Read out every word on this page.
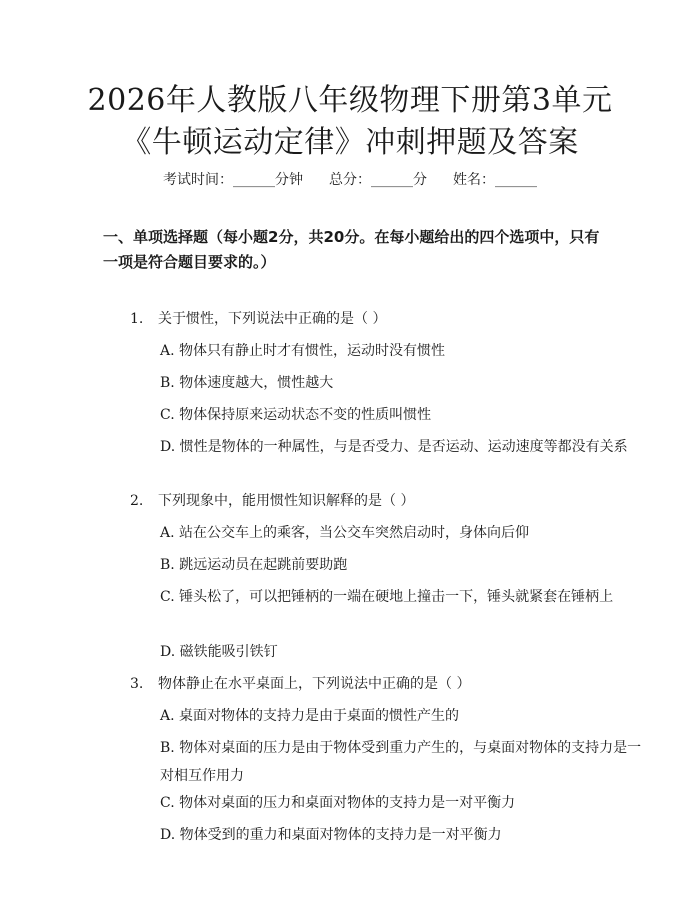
2026年人教版八年级物理下册第3单元《牛顿运动定律》冲刺押题及答案
考试时间：______分钟 总分：______分 姓名：______
一、单项选择题（每小题2分，共20分。在每小题给出的四个选项中，只有一项是符合题目要求的。）
1. 关于惯性，下列说法中正确的是（ ）
A. 物体只有静止时才有惯性，运动时没有惯性
B. 物体速度越大，惯性越大
C. 物体保持原来运动状态不变的性质叫惯性
D. 惯性是物体的一种属性，与是否受力、是否运动、运动速度等都没有关系
2. 下列现象中，能用惯性知识解释的是（ ）
A. 站在公交车上的乘客，当公交车突然启动时，身体向后仰
B. 跳远运动员在起跳前要助跑
C. 锤头松了，可以把锤柄的一端在硬地上撞击一下，锤头就紧套在锤柄上
D. 磁铁能吸引铁钉
3. 物体静止在水平桌面上，下列说法中正确的是（ ）
A. 桌面对物体的支持力是由于桌面的惯性产生的
B. 物体对桌面的压力是由于物体受到重力产生的，与桌面对物体的支持力是一对相互作用力
C. 物体对桌面的压力和桌面对物体的支持力是一对平衡力
D. 物体受到的重力和桌面对物体的支持力是一对平衡力
